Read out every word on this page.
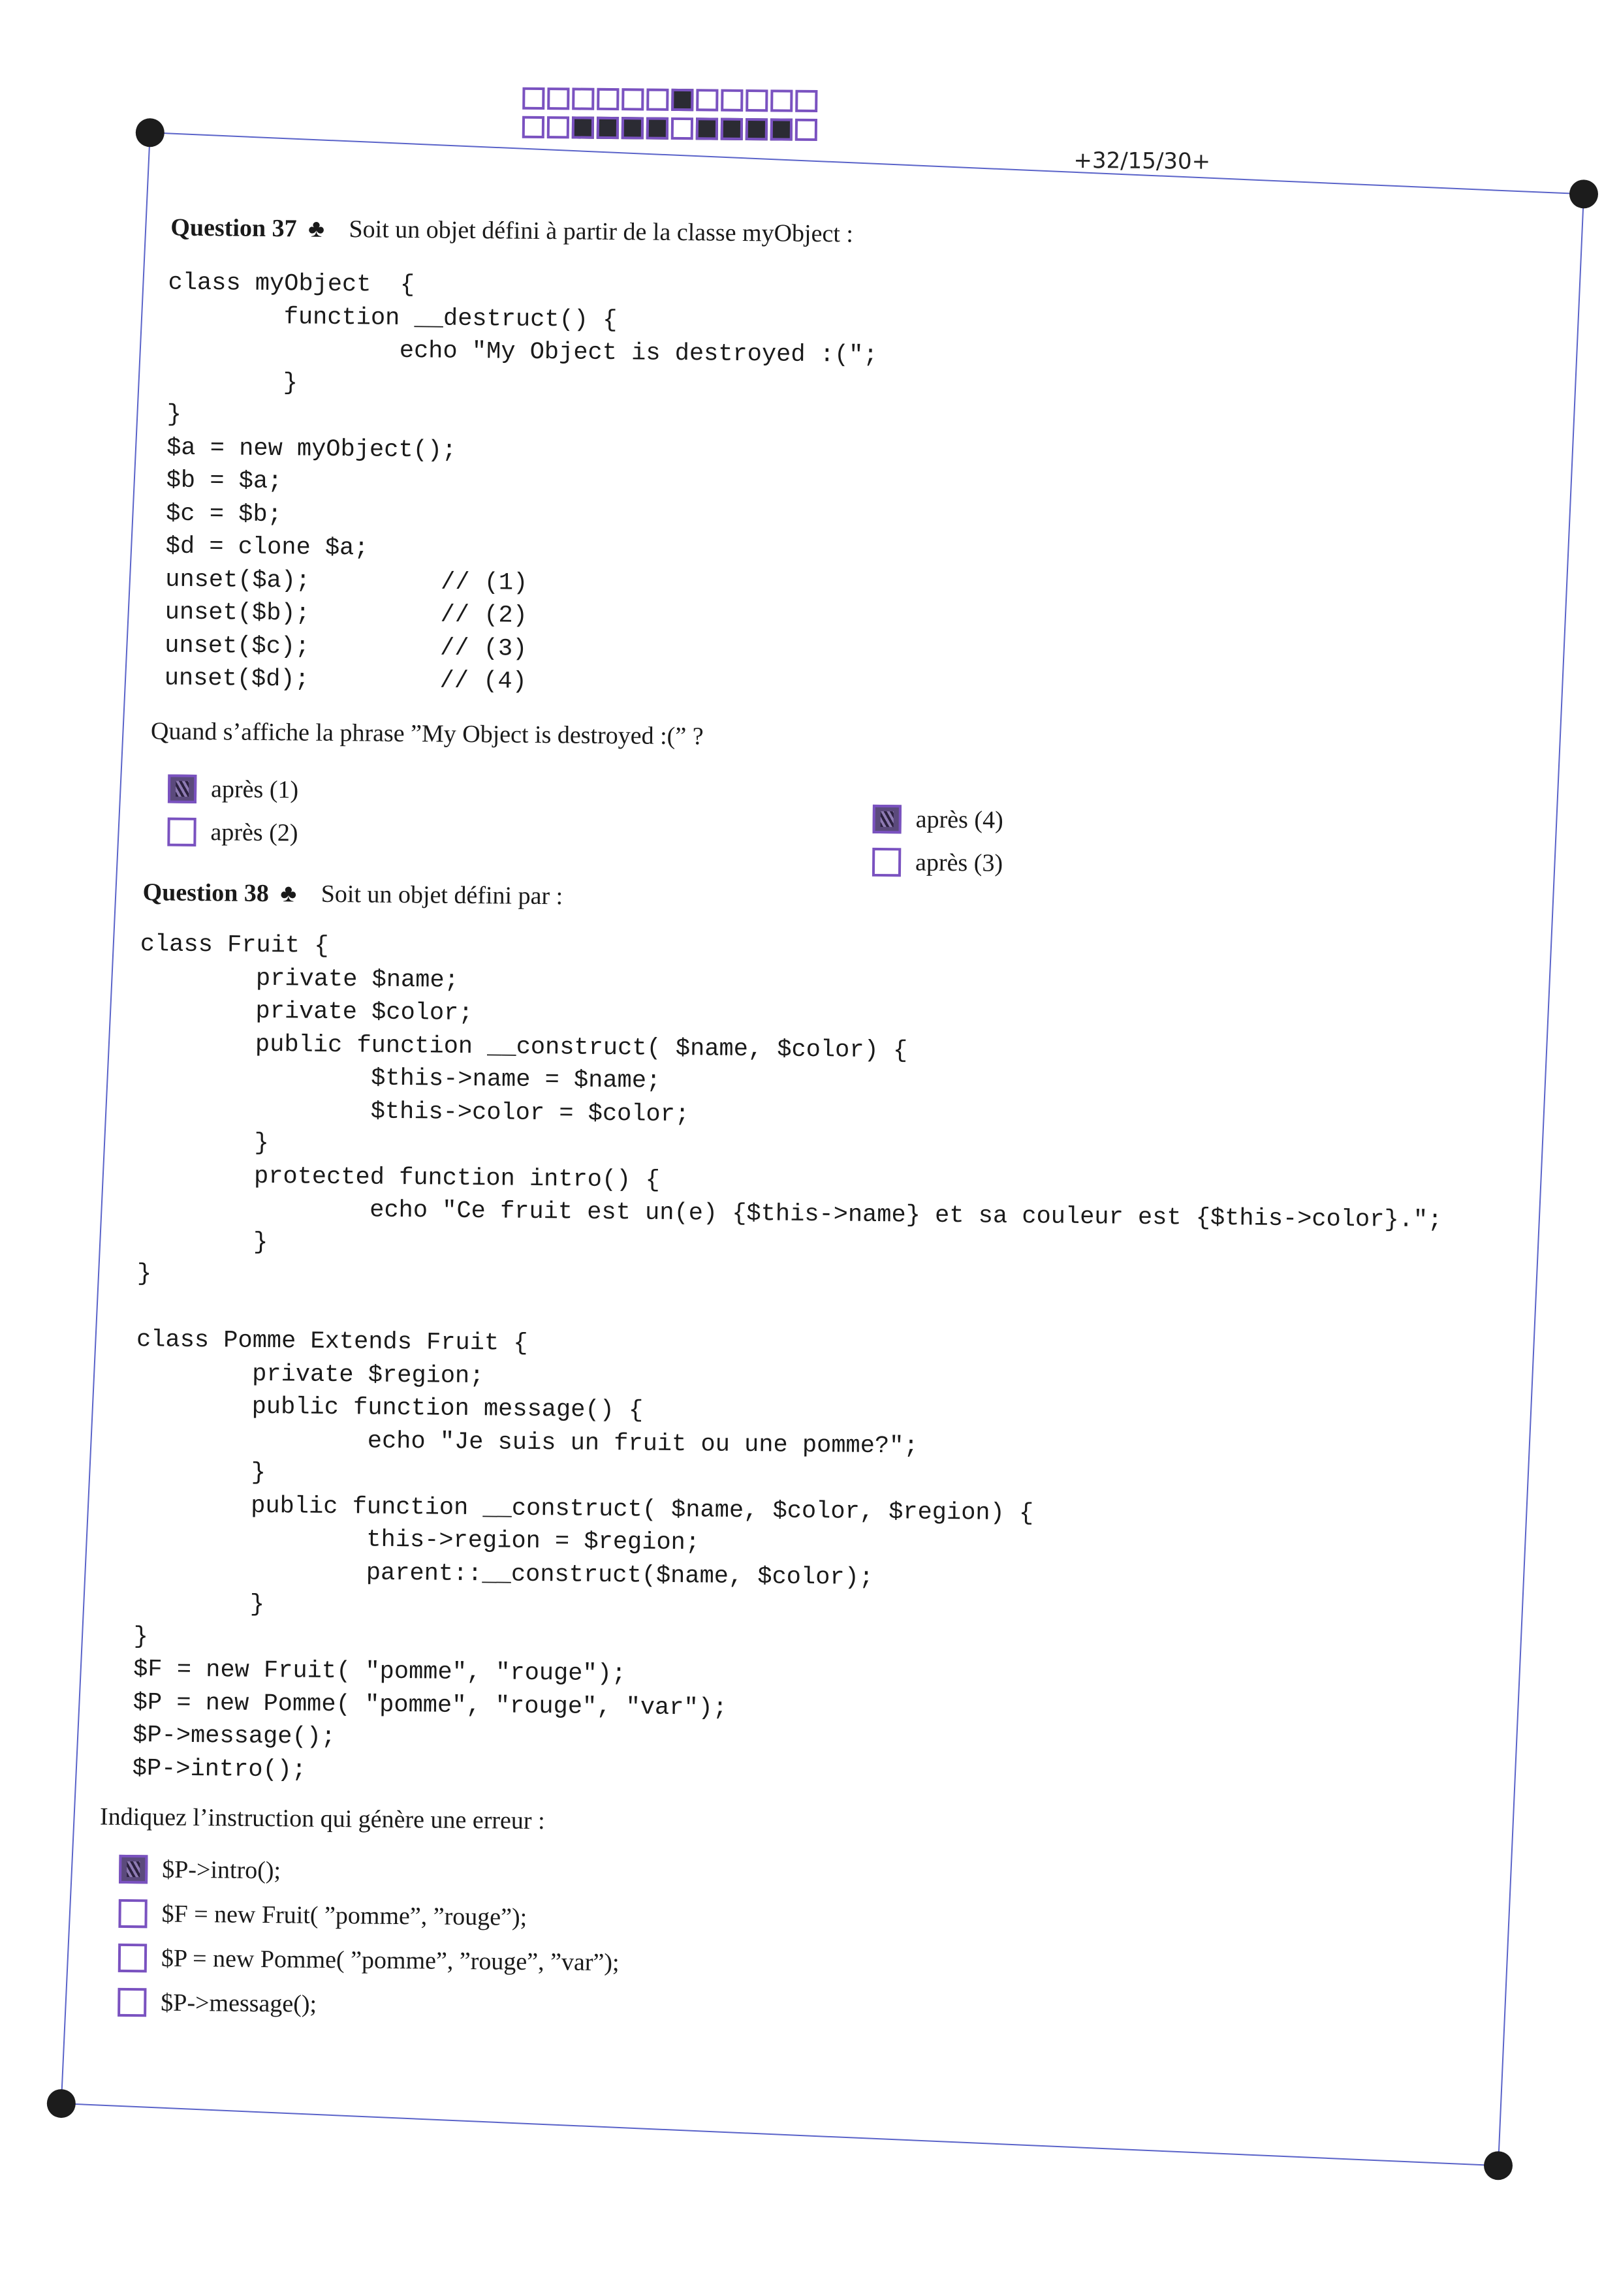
+32/15/30+
Question 37 ♣ Soit un objet défini à partir de la classe myObject :
class myObject  {
function __destruct() {
echo "My Object is destroyed :(";
}
}
$a = new myObject();
$b = $a;
$c = $b;
$d = clone $a;
unset($a);         // (1)
unset($b);         // (2)
unset($c);         // (3)
unset($d);         // (4)
Quand s’affiche la phrase ”My Object is destroyed :(” ?
après (1)
après (2)	après (4)
après (3)
Question 38 ♣ Soit un objet défini par :
class Fruit {
private $name;
private $color;
public function __construct( $name, $color) {
$this->name = $name;
$this->color = $color;
}
protected function intro() {
echo "Ce fruit est un(e) {$this->name} et sa couleur est {$this->color}.";
}
}

class Pomme Extends Fruit {
private $region;
public function message() {
echo "Je suis un fruit ou une pomme?";
}
public function __construct( $name, $color, $region) {
this->region = $region;
parent::__construct($name, $color);
}
}
$F = new Fruit( "pomme", "rouge");
$P = new Pomme( "pomme", "rouge", "var");
$P->message();
$P->intro();
Indiquez l’instruction qui génère une erreur :
$P->intro();
$F = new Fruit( ”pomme”, ”rouge”);
$P = new Pomme( ”pomme”, ”rouge”, ”var”);
$P->message();
